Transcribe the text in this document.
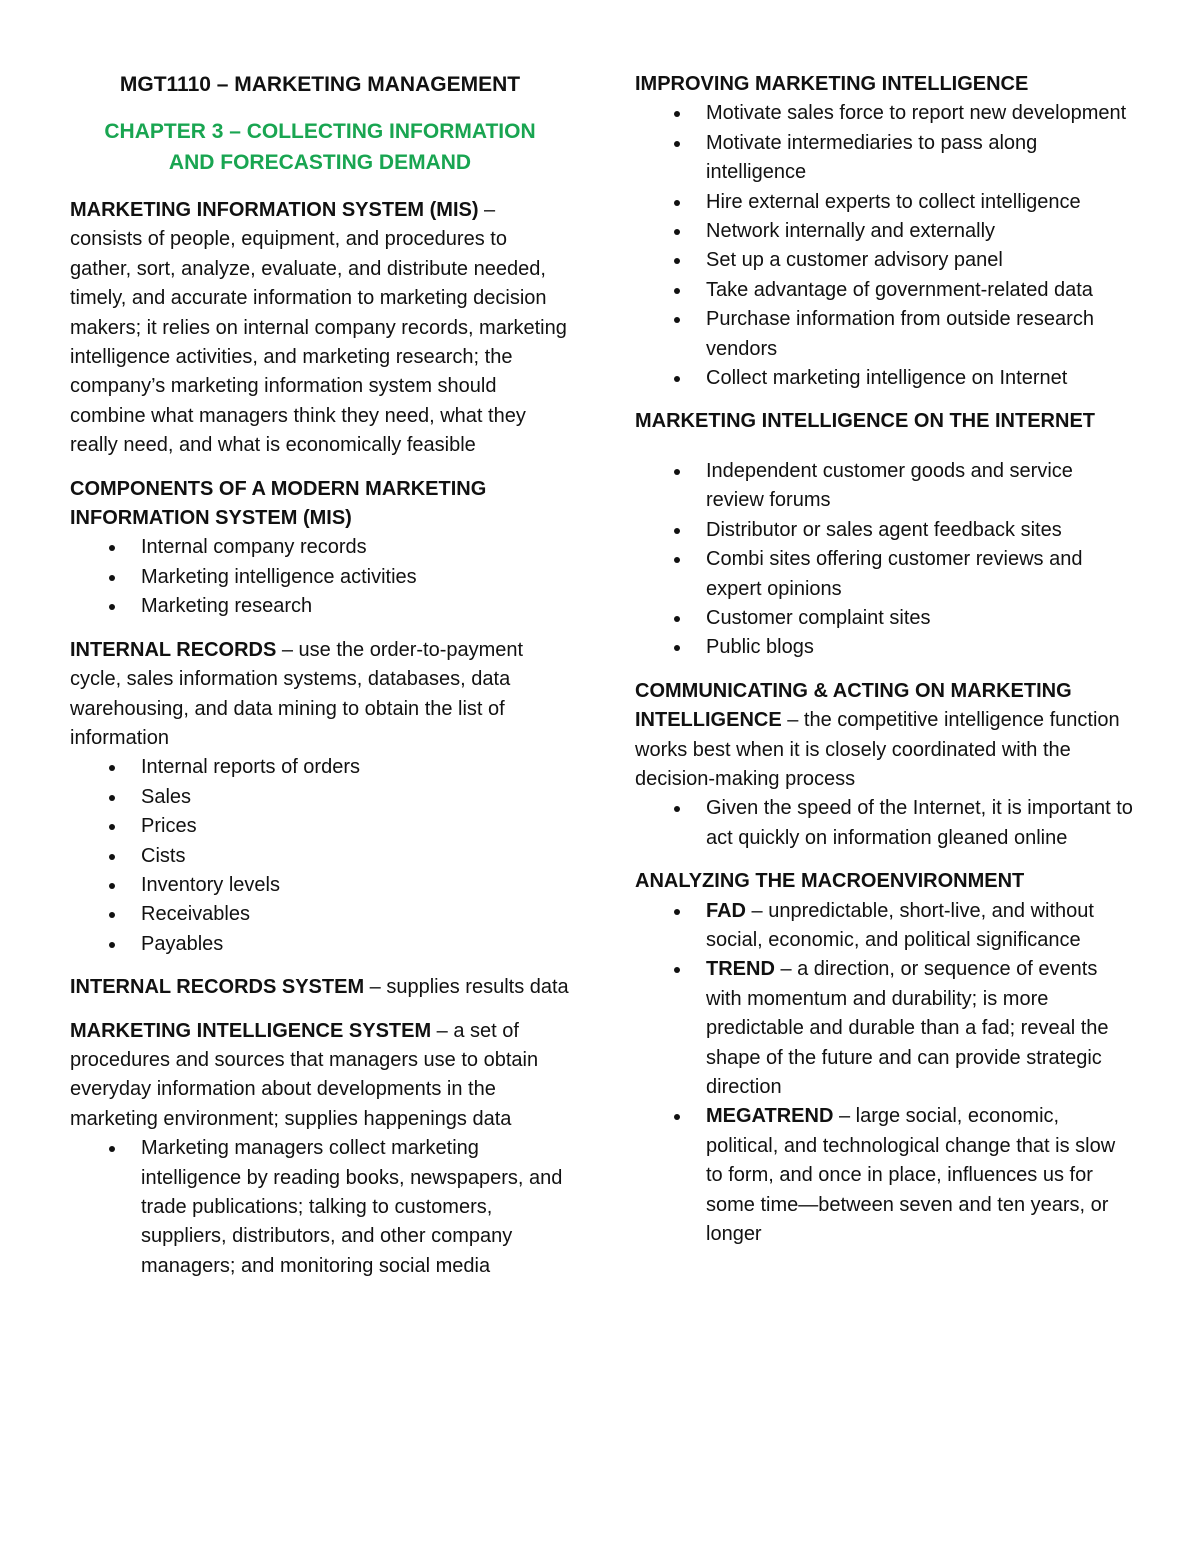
MGT1110 – MARKETING MANAGEMENT
CHAPTER 3 – COLLECTING INFORMATION
AND FORECASTING DEMAND

MARKETING INFORMATION SYSTEM (MIS) – consists of people, equipment, and procedures to gather, sort, analyze, evaluate, and distribute needed, timely, and accurate information to marketing decision makers; it relies on internal company records, marketing intelligence activities, and marketing research; the company’s marketing information system should combine what managers think they need, what they really need, and what is economically feasible

COMPONENTS OF A MODERN MARKETING INFORMATION SYSTEM (MIS)

Internal company records
Marketing intelligence activities
Marketing research

INTERNAL RECORDS – use the order-to-payment cycle, sales information systems, databases, data warehousing, and data mining to obtain the list of information

Internal reports of orders
Sales
Prices
Cists
Inventory levels
Receivables
Payables

INTERNAL RECORDS SYSTEM – supplies results data

MARKETING INTELLIGENCE SYSTEM – a set of procedures and sources that managers use to obtain everyday information about developments in the marketing environment; supplies happenings data

Marketing managers collect marketing intelligence by reading books, newspapers, and trade publications; talking to customers, suppliers, distributors, and other company managers; and monitoring social media

IMPROVING MARKETING INTELLIGENCE

Motivate sales force to report new development
Motivate intermediaries to pass along intelligence
Hire external experts to collect intelligence
Network internally and externally
Set up a customer advisory panel
Take advantage of government-related data
Purchase information from outside research vendors
Collect marketing intelligence on Internet

MARKETING INTELLIGENCE ON THE INTERNET

Independent customer goods and service review forums
Distributor or sales agent feedback sites
Combi sites offering customer reviews and expert opinions
Customer complaint sites
Public blogs

COMMUNICATING & ACTING ON MARKETING INTELLIGENCE – the competitive intelligence function works best when it is closely coordinated with the decision-making process

Given the speed of the Internet, it is important to act quickly on information gleaned online

ANALYZING THE MACROENVIRONMENT

FAD – unpredictable, short-live, and without social, economic, and political significance
TREND – a direction, or sequence of events with momentum and durability; is more predictable and durable than a fad; reveal the shape of the future and can provide strategic direction
MEGATREND – large social, economic, political, and technological change that is slow to form, and once in place, influences us for some time—between seven and ten years, or longer
